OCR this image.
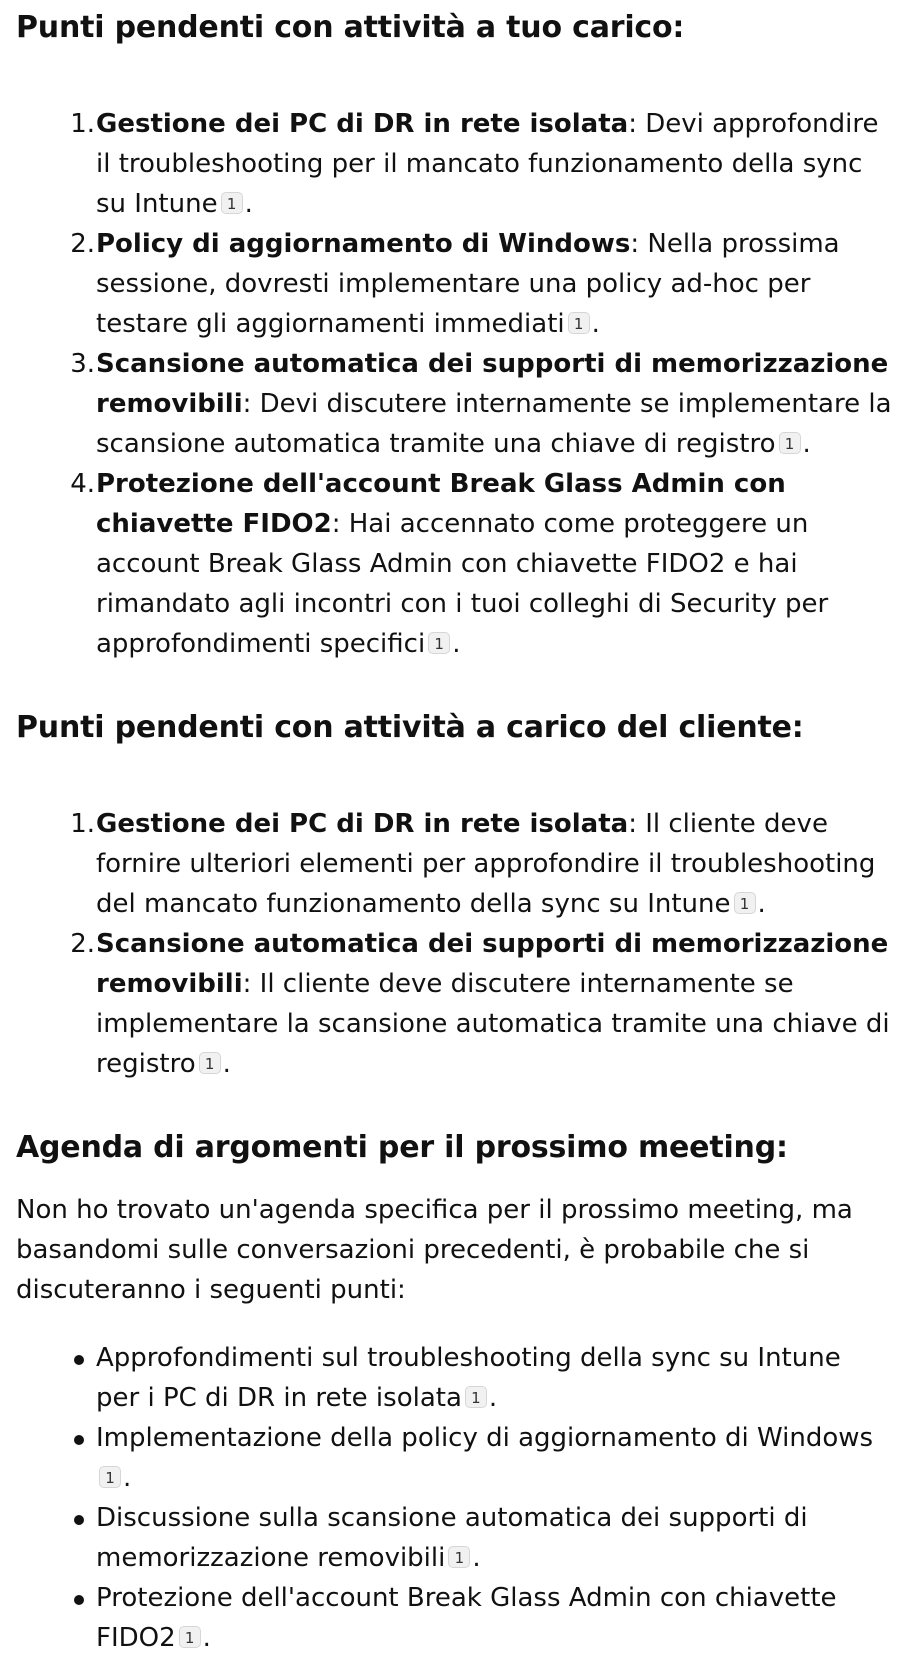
Punti pendenti con attività a tuo carico:
1. Gestione dei PC di DR in rete isolata: Devi approfondire il troubleshooting per il mancato funzionamento della sync su Intune 1 .
2. Policy di aggiornamento di Windows: Nella prossima sessione, dovresti implementare una policy ad-hoc per testare gli aggiornamenti immediati 1 .
3. Scansione automatica dei supporti di memorizzazione removibili: Devi discutere internamente se implementare la scansione automatica tramite una chiave di registro 1 .
4. Protezione dell'account Break Glass Admin con chiavette FIDO2: Hai accennato come proteggere un account Break Glass Admin con chiavette FIDO2 e hai rimandato agli incontri con i tuoi colleghi di Security per approfondimenti specifici 1 .
Punti pendenti con attività a carico del cliente:
1. Gestione dei PC di DR in rete isolata: Il cliente deve fornire ulteriori elementi per approfondire il troubleshooting del mancato funzionamento della sync su Intune 1 .
2. Scansione automatica dei supporti di memorizzazione removibili: Il cliente deve discutere internamente se implementare la scansione automatica tramite una chiave di registro 1 .
Agenda di argomenti per il prossimo meeting:

Non ho trovato un'agenda specifica per il prossimo meeting, ma basandomi sulle conversazioni precedenti, è probabile che si discuteranno i seguenti punti:

Approfondimenti sul troubleshooting della sync su Intune per i PC di DR in rete isolata 1 .
Implementazione della policy di aggiornamento di Windows1 .
Discussione sulla scansione automatica dei supporti di memorizzazione removibili 1 .
Protezione dell'account Break Glass Admin con chiavette FIDO2 1 .
